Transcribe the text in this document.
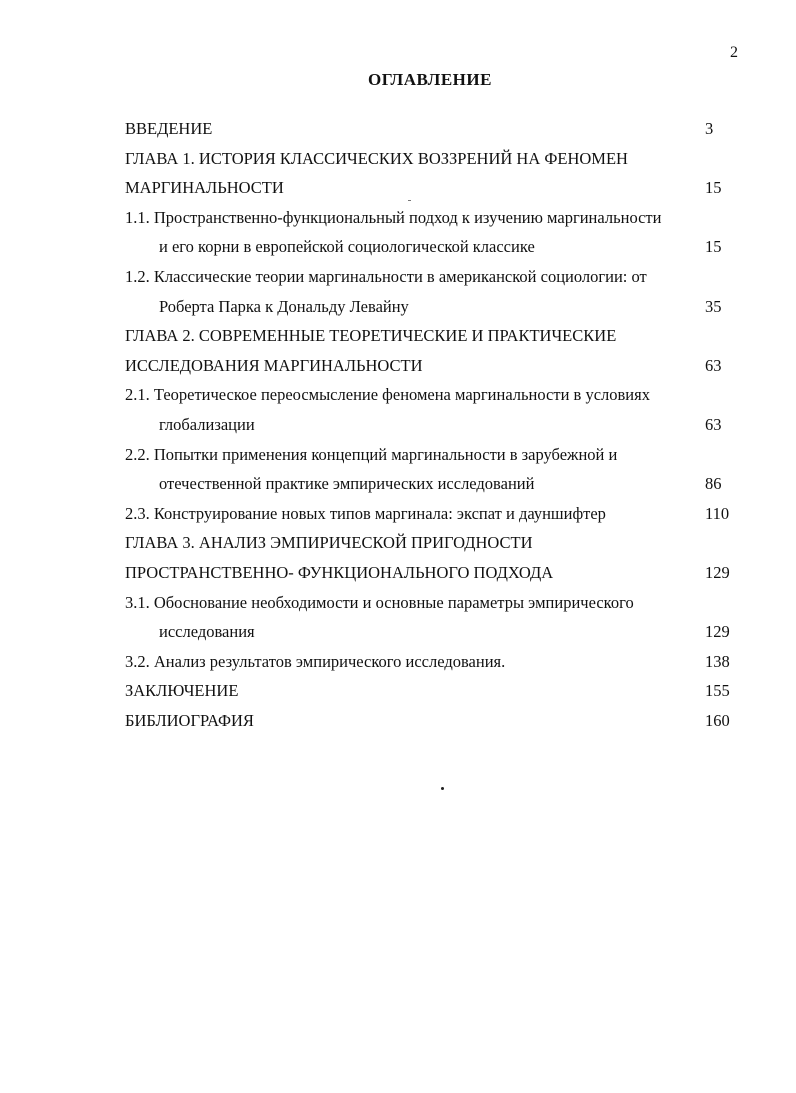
2
ОГЛАВЛЕНИЕ
ВВЕДЕНИЕ	3
ГЛАВА 1. ИСТОРИЯ КЛАССИЧЕСКИХ ВОЗЗРЕНИЙ НА ФЕНОМЕН
МАРГИНАЛЬНОСТИ	15
1.1. Пространственно-функциональный подход к изучению маргинальности
и его корни в европейской социологической классике	15
1.2. Классические теории маргинальности в американской социологии: от
Роберта Парка к Дональду Левайну	35
ГЛАВА 2. СОВРЕМЕННЫЕ ТЕОРЕТИЧЕСКИЕ И ПРАКТИЧЕСКИЕ
ИССЛЕДОВАНИЯ МАРГИНАЛЬНОСТИ	63
2.1. Теоретическое переосмысление феномена маргинальности в условиях
глобализации	63
2.2. Попытки применения концепций маргинальности в зарубежной и
отечественной практике эмпирических исследований	86
2.3. Конструирование новых типов маргинала: экспат и дауншифтер	110
ГЛАВА 3. АНАЛИЗ ЭМПИРИЧЕСКОЙ ПРИГОДНОСТИ
ПРОСТРАНСТВЕННО- ФУНКЦИОНАЛЬНОГО ПОДХОДА	129
3.1. Обоснование необходимости и основные параметры эмпирического
исследования	129
3.2. Анализ результатов эмпирического исследования.	138
ЗАКЛЮЧЕНИЕ	155
БИБЛИОГРАФИЯ	160
